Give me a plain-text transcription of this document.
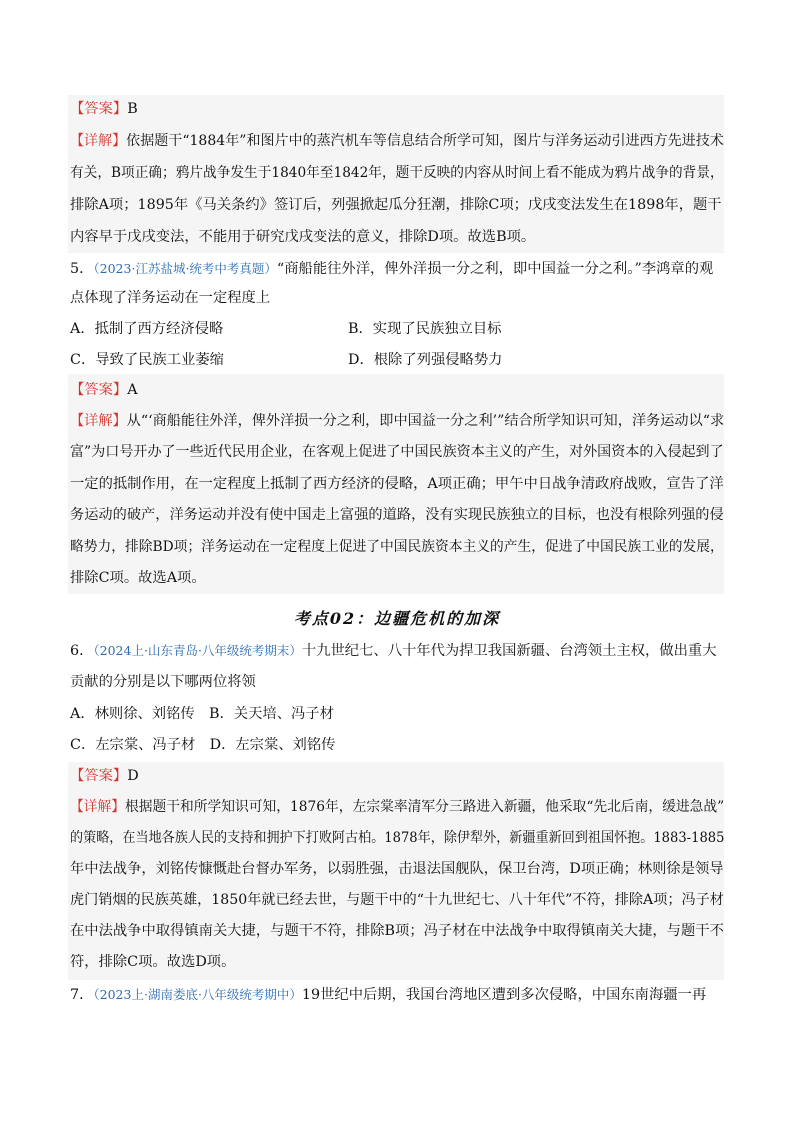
【答案】B
【详解】依据题干“1884年”和图片中的蒸汽机车等信息结合所学可知，图片与洋务运动引进西方先进技术
有关，B项正确；鸦片战争发生于1840年至1842年，题干反映的内容从时间上看不能成为鸦片战争的背景，
排除A项；1895年《马关条约》签订后，列强掀起瓜分狂潮，排除C项；戊戌变法发生在1898年，题干
内容早于戊戌变法，不能用于研究戊戌变法的意义，排除D项。故选B项。
5．（2023·江苏盐城·统考中考真题）“商船能往外洋，俾外洋损一分之利，即中国益一分之利。”李鸿章的观
点体现了洋务运动在一定程度上
A．抵制了西方经济侵略	B．实现了民族独立目标
C．导致了民族工业萎缩	D．根除了列强侵略势力
【答案】A
【详解】从“‘商船能往外洋，俾外洋损一分之利，即中国益一分之利’”结合所学知识可知，洋务运动以“求
富”为口号开办了一些近代民用企业，在客观上促进了中国民族资本主义的产生，对外国资本的入侵起到了
一定的抵制作用，在一定程度上抵制了西方经济的侵略，A项正确；甲午中日战争清政府战败，宣告了洋
务运动的破产，洋务运动并没有使中国走上富强的道路，没有实现民族独立的目标，也没有根除列强的侵
略势力，排除BD项；洋务运动在一定程度上促进了中国民族资本主义的产生，促进了中国民族工业的发展，
排除C项。故选A项。
考点02：边疆危机的加深
6．（2024上·山东青岛·八年级统考期末）十九世纪七、八十年代为捍卫我国新疆、台湾领土主权，做出重大
贡献的分别是以下哪两位将领
A．林则徐、刘铭传　B．关天培、冯子材
C．左宗棠、冯子材　D．左宗棠、刘铭传
【答案】D
【详解】根据题干和所学知识可知，1876年，左宗棠率清军分三路进入新疆，他采取“先北后南，缓进急战”
的策略，在当地各族人民的支持和拥护下打败阿古柏。1878年，除伊犁外，新疆重新回到祖国怀抱。1883-1885
年中法战争，刘铭传慷慨赴台督办军务，以弱胜强，击退法国舰队，保卫台湾，D项正确；林则徐是领导
虎门销烟的民族英雄，1850年就已经去世，与题干中的“十九世纪七、八十年代”不符，排除A项；冯子材
在中法战争中取得镇南关大捷，与题干不符，排除B项；冯子材在中法战争中取得镇南关大捷，与题干不
符，排除C项。故选D项。
7．（2023上·湖南娄底·八年级统考期中）19世纪中后期，我国台湾地区遭到多次侵略，中国东南海疆一再
